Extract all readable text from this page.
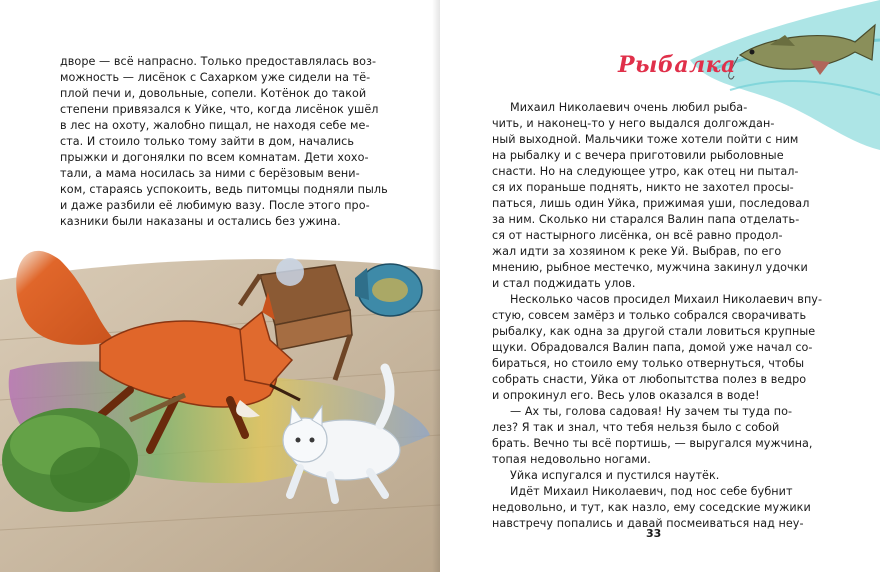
дворе — всё напрасно. Только предоставлялась воз-

можность — лисёнок с Сахарком уже сидели на тё-

плой печи и, довольные, сопели. Котёнок до такой

степени привязался к Уйке, что, когда лисёнок ушёл

в лес на охоту, жалобно пищал, не находя себе ме-

ста. И стоило только тому зайти в дом, начались

прыжки и догонялки по всем комнатам. Дети хохо-

тали, а мама носилась за ними с берёзовым вени-

ком, стараясь успокоить, ведь питомцы подняли пыль

и даже разбили её любимую вазу. После этого про-

казники были наказаны и остались без ужина.

Рыбалка

Михаил Николаевич очень любил рыба-

чить, и наконец-то у него выдался долгождан-

ный выходной. Мальчики тоже хотели пойти с ним

на рыбалку и с вечера приготовили рыболовные

снасти. Но на следующее утро, как отец ни пытал-

ся их пораньше поднять, никто не захотел просы-

паться, лишь один Уйка, прижимая уши, последовал

за ним. Сколько ни старался Валин папа отделать-

ся от настырного лисёнка, он всё равно продол-

жал идти за хозяином к реке Уй. Выбрав, по его

мнению, рыбное местечко, мужчина закинул удочки

и стал поджидать улов.

Несколько часов просидел Михаил Николаевич впу-

стую, совсем замёрз и только собрался сворачивать

рыбалку, как одна за другой стали ловиться крупные

щуки. Обрадовался Валин папа, домой уже начал со-

бираться, но стоило ему только отвернуться, чтобы

собрать снасти, Уйка от любопытства полез в ведро

и опрокинул его. Весь улов оказался в воде!

— Ах ты, голова садовая! Ну зачем ты туда по-

лез? Я так и знал, что тебя нельзя было с собой

брать. Вечно ты всё портишь, — выругался мужчина,

топая недовольно ногами.

Уйка испугался и пустился наутёк.

Идёт Михаил Николаевич, под нос себе бубнит

недовольно, и тут, как назло, ему соседские мужики

навстречу попались и давай посмеиваться над неу-

33
